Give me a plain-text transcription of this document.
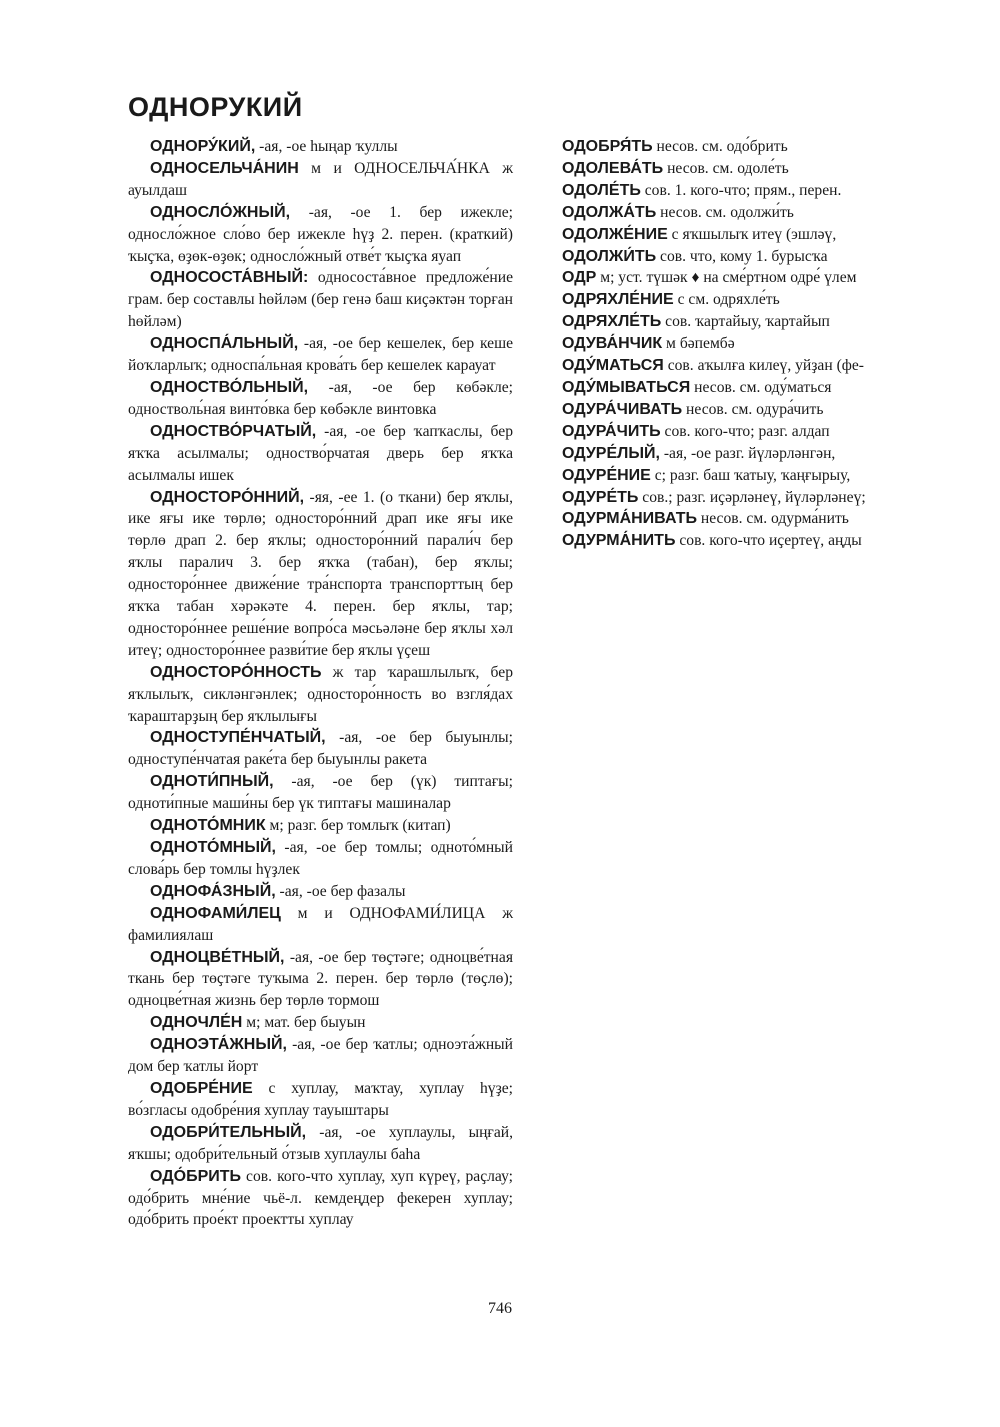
ОДНОРУКИЙ

ОДНОРУ́КИЙ, -ая, -ое һыңар ҡуллы

ОДНОСЕЛЬЧА́НИН м и ОДНОСЕЛЬЧА́НКА ж ауылдаш

ОДНОСЛО́ЖНЫЙ, -ая, -ое 1. бер ижекле; односло́жное сло́во бер ижекле һүҙ 2. перен. (краткий) ҡыҫҡа, өҙөк-өҙөк; односло́жный отве́т ҡыҫҡа яуап

ОДНОСОСТА́ВНЫЙ: однососта́вное предложе́ние грам. бер составлы һөйләм (бер генә баш киҫәктән торған һөйләм)

ОДНОСПА́ЛЬНЫЙ, -ая, -ое бер кешелек, бер кеше йоҡларлыҡ; односпа́льная крова́ть бер кешелек карауат

ОДНОСТВО́ЛЬНЫЙ, -ая, -ое бер көбәкле; одностволь́ная винто́вка бер көбәкле винтовка

ОДНОСТВО́РЧАТЫЙ, -ая, -ое бер ҡапҡаслы, бер яҡҡа асылмалы; одноство́рчатая дверь бер яҡҡа асылмалы ишек

ОДНОСТОРО́ННИЙ, -яя, -ее 1. (о ткани) бер яҡлы, ике яғы ике төрлө; односторо́нний драп ике яғы ике төрлө драп 2. бер яҡлы; односторо́нний парали́ч бер яҡлы паралич 3. бер яҡҡа (табан), бер яҡлы; односторо́ннее движе́ние тра́нспорта транспорттың бер яҡҡа табан хәрәкәте 4. перен. бер яҡлы, тар; односторо́ннее реше́ние вопро́са мәсьәләне бер яҡлы хәл итеү; односторо́ннее разви́тие бер яҡлы үҫеш

ОДНОСТОРО́ННОСТЬ ж тар ҡарашлылыҡ, бер яҡлылыҡ, сикләнгәнлек; односторо́нность во взгля́дах ҡараштарҙың бер яҡлылығы

ОДНОСТУПЕ́НЧАТЫЙ, -ая, -ое бер быуынлы; одноступе́нчатая раке́та бер быуынлы ракета

ОДНОТИ́ПНЫЙ, -ая, -ое бер (үк) типтағы; одноти́пные маши́ны бер үк типтағы машиналар

ОДНОТО́МНИК м; разг. бер томлыҡ (китап)

ОДНОТО́МНЫЙ, -ая, -ое бер томлы; одното́мный слова́рь бер томлы һүҙлек

ОДНОФА́ЗНЫЙ, -ая, -ое бер фазалы

ОДНОФАМИ́ЛЕЦ м и ОДНОФАМИ́ЛИЦА ж фамилиялаш

ОДНОЦВЕ́ТНЫЙ, -ая, -ое бер төҫтәге; одноцве́тная ткань бер төҫтәге туҡыма 2. перен. бер төрлө (төҫлө); одноцве́тная жизнь бер төрлө тормош

ОДНОЧЛЕ́Н м; мат. бер быуын

ОДНОЭТА́ЖНЫЙ, -ая, -ое бер ҡатлы; одноэта́жный дом бер ҡатлы йорт

ОДОБРЕ́НИЕ с хуплау, маҡтау, хуплау һүҙе; во́згласы одобре́ния хуплау тауыштары

ОДОБРИ́ТЕЛЬНЫЙ, -ая, -ое хуплаулы, ыңғай, яҡшы; одобри́тельный о́тзыв хуплаулы баһа

ОДО́БРИТЬ сов. кого-что хуплау, хуп күреү, раҫлау; одо́брить мне́ние чьё-л. кемдеңдер фекерен хуплау; одо́брить прое́кт проектты хуплау

ОДОБРЯ́ТЬ несов. см. одо́брить

ОДОЛЕВА́ТЬ несов. см. одоле́ть

ОДОЛЕ́ТЬ сов. 1. кого-что; прям., перен.

ОДОЛЖА́ТЬ несов. см. одолжи́ть

ОДОЛЖЕ́НИЕ с яҡшылыҡ итеү (эшләү,

ОДОЛЖИ́ТЬ сов. что, кому 1. бурысҡа

ОДР м; уст. түшәк ♦ на сме́ртном одре́ үлем

ОДРЯХЛЕ́НИЕ с см. одряхле́ть

ОДРЯХЛЕ́ТЬ сов. ҡартайыу, ҡартайып

ОДУВА́НЧИК м бәпембә

ОДУ́МАТЬСЯ сов. аҡылға килеү, уйҙан (фе-

ОДУ́МЫВАТЬСЯ несов. см. оду́маться

ОДУРА́ЧИВАТЬ несов. см. одура́чить

ОДУРА́ЧИТЬ сов. кого-что; разг. алдап

ОДУРЕ́ЛЫЙ, -ая, -ое разг. йүләрләнгән,

ОДУРЕ́НИЕ с; разг. баш ҡатыу, ҡаңғырыу,

ОДУРЕ́ТЬ сов.; разг. иҫәрләнеү, йүләрләнеү;

ОДУРМА́НИВАТЬ несов. см. одурма́нить

ОДУРМА́НИТЬ сов. кого-что иҫертеү, аңды

746
